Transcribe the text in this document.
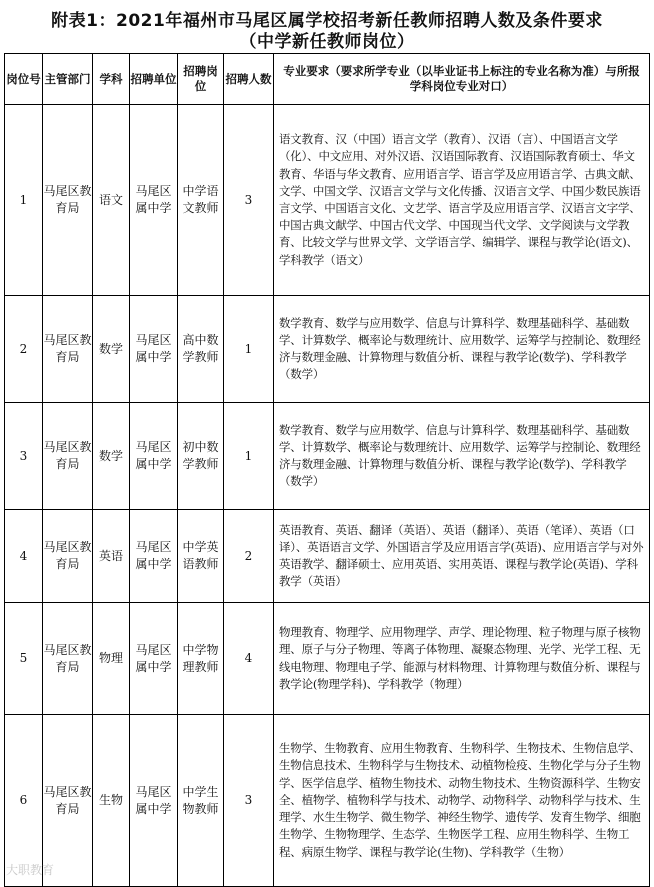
附表1：2021年福州市马尾区属学校招考新任教师招聘人数及条件要求
（中学新任教师岗位）
岗位号	主管部门	学科	招聘单位	招聘岗位	招聘人数	专业要求（要求所学专业（以毕业证书上标注的专业名称为准）与所报学科岗位专业对口）
1	马尾区教育局	语文	马尾区属中学	中学语文教师	3	语文教育、汉（中国）语言文学（教育）、汉语（言）、中国语言文学（化）、中文应用、对外汉语、汉语国际教育、汉语国际教育硕士、华文教育、华语与华文教育、应用语言学、语言学及应用语言学、古典文献、文学、中国文学、汉语言文学与文化传播、汉语言文学、中国少数民族语言文学、中国语言文化、文艺学、语言学及应用语言学、汉语言文字学、中国古典文献学、中国古代文学、中国现当代文学、文学阅读与文学教育、比较文学与世界文学、文学语言学、编辑学、课程与教学论(语文)、学科教学（语文）
2	马尾区教育局	数学	马尾区属中学	高中数学教师	1	数学教育、数学与应用数学、信息与计算科学、数理基础科学、基础数学、计算数学、概率论与数理统计、应用数学、运筹学与控制论、数理经济与数理金融、计算物理与数值分析、课程与教学论(数学)、学科教学（数学）
3	马尾区教育局	数学	马尾区属中学	初中数学教师	1	数学教育、数学与应用数学、信息与计算科学、数理基础科学、基础数学、计算数学、概率论与数理统计、应用数学、运筹学与控制论、数理经济与数理金融、计算物理与数值分析、课程与教学论(数学)、学科教学（数学）
4	马尾区教育局	英语	马尾区属中学	中学英语教师	2	英语教育、英语、翻译（英语）、英语（翻译）、英语（笔译）、英语（口译）、英语语言文学、外国语言学及应用语言学(英语)、应用语言学与对外英语教学、翻译硕士、应用英语、实用英语、课程与教学论(英语)、学科教学（英语）
5	马尾区教育局	物理	马尾区属中学	中学物理教师	4	物理教育、物理学、应用物理学、声学、理论物理、粒子物理与原子核物理、原子与分子物理、等离子体物理、凝聚态物理、光学、光学工程、无线电物理、物理电子学、能源与材料物理、计算物理与数值分析、课程与教学论(物理学科)、学科教学（物理）
6	马尾区教育局	生物	马尾区属中学	中学生物教师	3	生物学、生物教育、应用生物教育、生物科学、生物技术、生物信息学、生物信息技术、生物科学与生物技术、动植物检疫、生物化学与分子生物学、医学信息学、植物生物技术、动物生物技术、生物资源科学、生物安全、植物学、植物科学与技术、动物学、动物科学、动物科学与技术、生理学、水生生物学、微生物学、神经生物学、遗传学、发育生物学、细胞生物学、生物物理学、生态学、生物医学工程、应用生物科学、生物工程、病原生物学、课程与教学论(生物)、学科教学（生物）
大职教育
